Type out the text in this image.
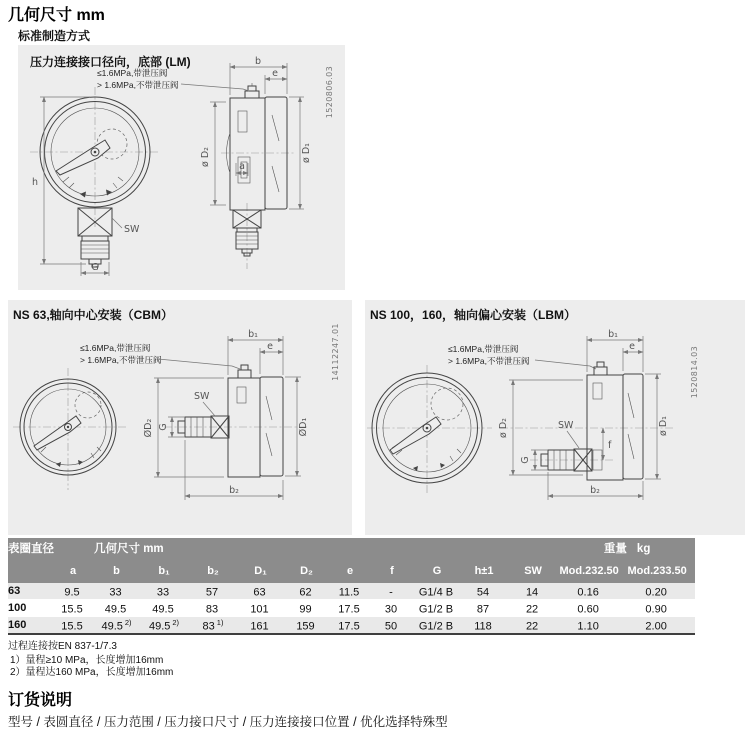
几何尺寸 mm
标准制造方式
压力连接接口径向，底部 (LM)
h
G
SW
≤1.6MPa,带泄压阀
> 1.6MPa,不带泄压阀
b
e
ø D₁
ø D₂	a
1520806.03
NS 63,轴向中心安装（CBM）
≤1.6MPa,带泄压阀
> 1.6MPa,不带泄压阀
b₁
e
ØD₁
ØD₂ G
SW
b₂
14112247.01
NS 100，160，轴向偏心安装（LBM）
≤1.6MPa,带泄压阀
> 1.6MPa,不带泄压阀
b₁
e
ø D₁
ø D₂
G
SW
f
b₂
1520814.03
表圈直径		几何尺寸 mm										重量 kg	
	a	b	b₁	b₂	D₁	D₂	e	f	G	h±1	SW	Mod.232.50	Mod.233.50
63	9.5	33	33	57	63	62	11.5	-	G1/4 B	54	14	0.16	0.20
100	15.5	49.5	49.5	83	101	99	17.5	30	G1/2 B	87	22	0.60	0.90
160	15.5	49.5 $^{2)}$	49.5 $^{2)}$	83 $^{1)}$	161	159	17.5	50	G1/2 B	118	22	1.10	2.00
过程连接按EN 837-1/7.3
1）量程≥10 MPa，长度增加16mm
2）量程达160 MPa，长度增加16mm
订货说明
型号 / 表圆直径 / 压力范围 / 压力接口尺寸 / 压力连接接口位置 / 优化选择特殊型
